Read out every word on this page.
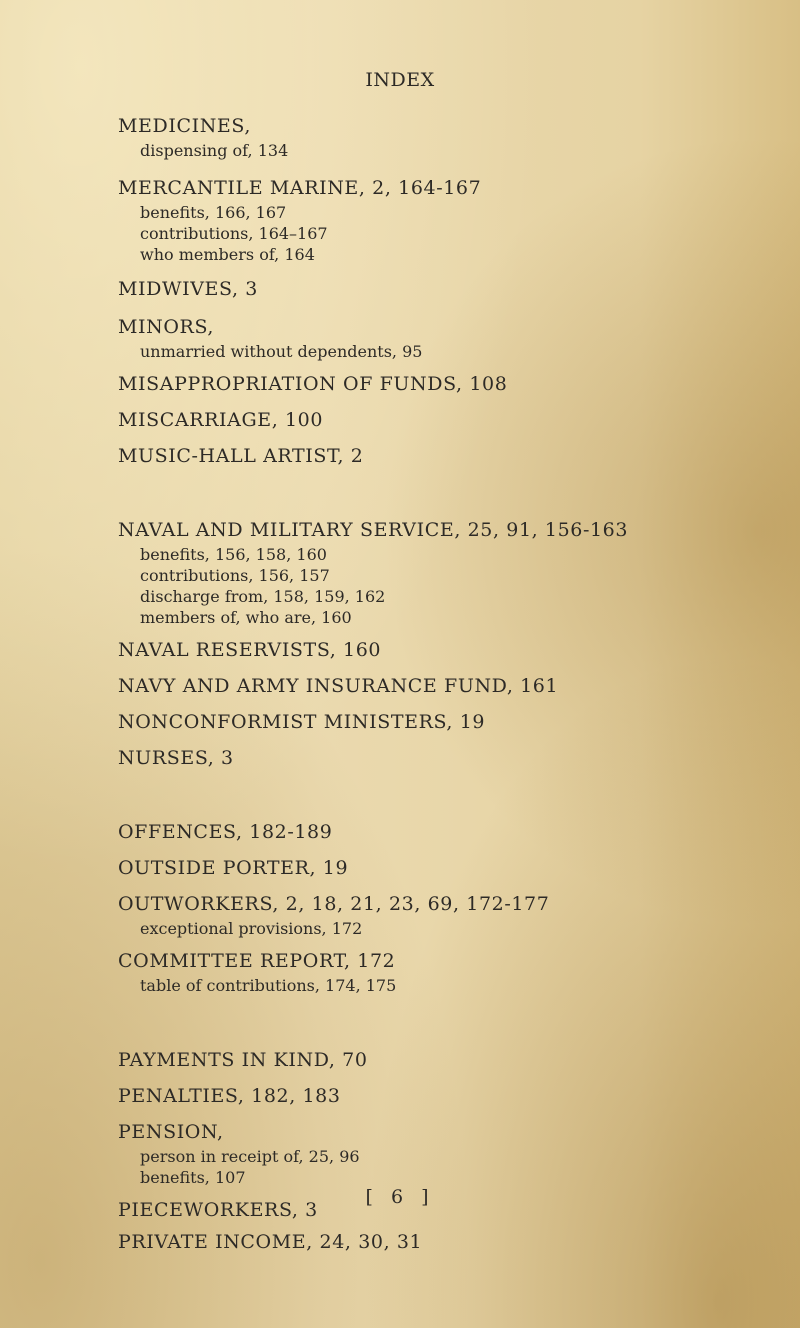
INDEX
MEDICINES,
dispensing of, 134
MERCANTILE MARINE, 2, 164-167
benefits, 166, 167
contributions, 164–167
who members of, 164
MIDWIVES, 3
MINORS,
unmarried without dependents, 95
MISAPPROPRIATION OF FUNDS, 108
MISCARRIAGE, 100
MUSIC-HALL ARTIST, 2
NAVAL AND MILITARY SERVICE, 25, 91, 156-163
benefits, 156, 158, 160
contributions, 156, 157
discharge from, 158, 159, 162
members of, who are, 160
NAVAL RESERVISTS, 160
NAVY AND ARMY INSURANCE FUND, 161
NONCONFORMIST MINISTERS, 19
NURSES, 3
OFFENCES, 182-189
OUTSIDE PORTER, 19
OUTWORKERS, 2, 18, 21, 23, 69, 172-177
exceptional provisions, 172
COMMITTEE REPORT, 172
table of contributions, 174, 175
PAYMENTS IN KIND, 70
PENALTIES, 182, 183
PENSION,
person in receipt of, 25, 96
benefits, 107
PIECEWORKERS, 3
PRIVATE INCOME, 24, 30, 31
[ 6 ]
